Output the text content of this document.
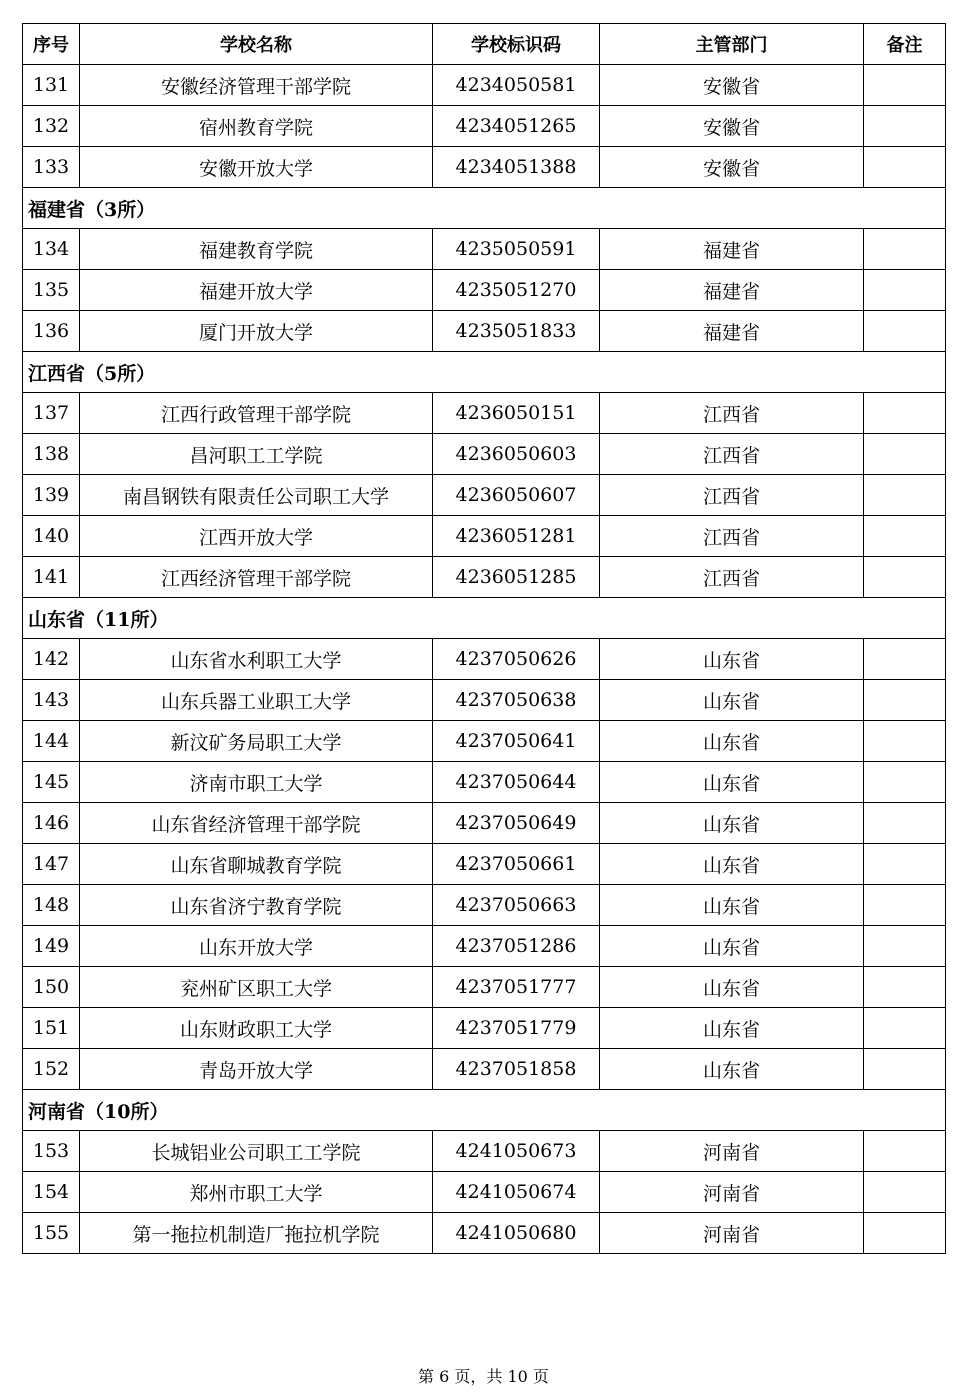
序号	学校名称	学校标识码	主管部门	备注
131	安徽经济管理干部学院	4234050581	安徽省	
132	宿州教育学院	4234051265	安徽省	
133	安徽开放大学	4234051388	安徽省	
福建省（3所）				
134	福建教育学院	4235050591	福建省	
135	福建开放大学	4235051270	福建省	
136	厦门开放大学	4235051833	福建省	
江西省（5所）				
137	江西行政管理干部学院	4236050151	江西省	
138	昌河职工工学院	4236050603	江西省	
139	南昌钢铁有限责任公司职工大学	4236050607	江西省	
140	江西开放大学	4236051281	江西省	
141	江西经济管理干部学院	4236051285	江西省	
山东省（11所）				
142	山东省水利职工大学	4237050626	山东省	
143	山东兵器工业职工大学	4237050638	山东省	
144	新汶矿务局职工大学	4237050641	山东省	
145	济南市职工大学	4237050644	山东省	
146	山东省经济管理干部学院	4237050649	山东省	
147	山东省聊城教育学院	4237050661	山东省	
148	山东省济宁教育学院	4237050663	山东省	
149	山东开放大学	4237051286	山东省	
150	兖州矿区职工大学	4237051777	山东省	
151	山东财政职工大学	4237051779	山东省	
152	青岛开放大学	4237051858	山东省	
河南省（10所）				
153	长城铝业公司职工工学院	4241050673	河南省	
154	郑州市职工大学	4241050674	河南省	
155	第一拖拉机制造厂拖拉机学院	4241050680	河南省	
第 6 页，共 10 页
